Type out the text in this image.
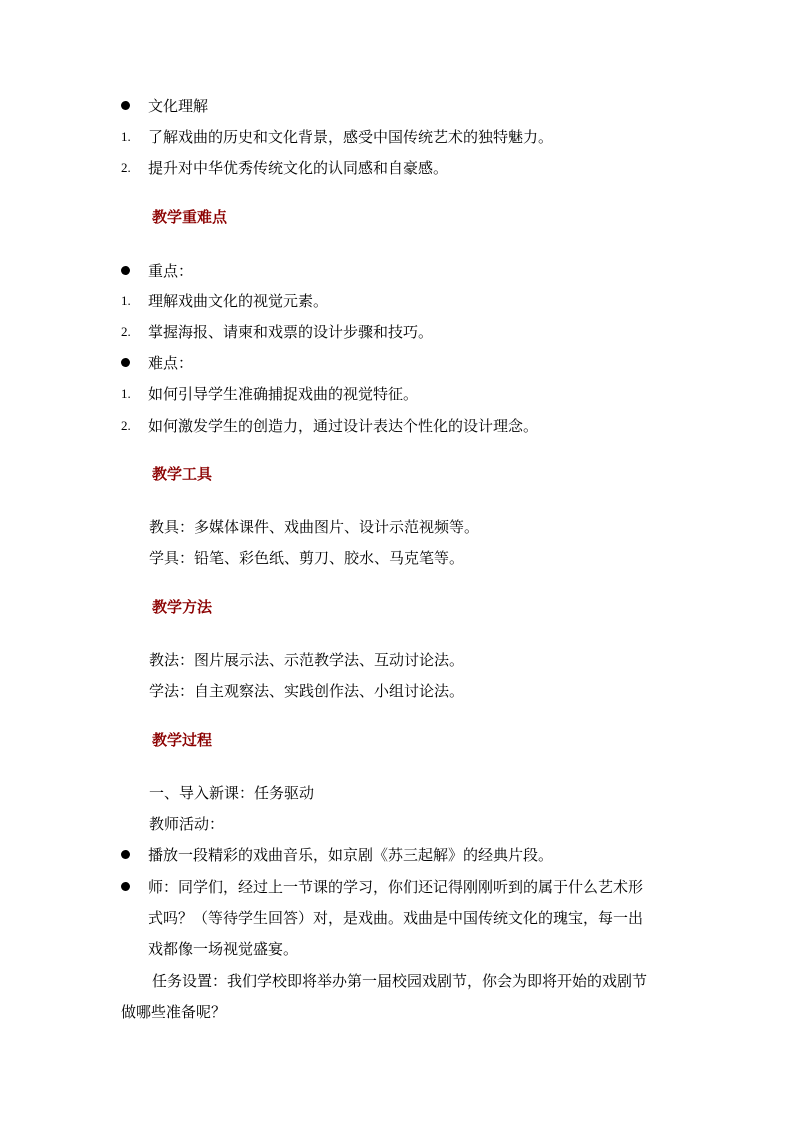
文化理解
1. 了解戏曲的历史和文化背景，感受中国传统艺术的独特魅力。
2. 提升对中华优秀传统文化的认同感和自豪感。
教学重难点
重点：
1. 理解戏曲文化的视觉元素。
2. 掌握海报、请柬和戏票的设计步骤和技巧。
难点：
1. 如何引导学生准确捕捉戏曲的视觉特征。
2. 如何激发学生的创造力，通过设计表达个性化的设计理念。
教学工具
教具：多媒体课件、戏曲图片、设计示范视频等。
学具：铅笔、彩色纸、剪刀、胶水、马克笔等。
教学方法
教法：图片展示法、示范教学法、互动讨论法。
学法：自主观察法、实践创作法、小组讨论法。
教学过程
一、导入新课：任务驱动
教师活动：
播放一段精彩的戏曲音乐，如京剧《苏三起解》的经典片段。
师：同学们，经过上一节课的学习，你们还记得刚刚听到的属于什么艺术形
式吗？（等待学生回答）对，是戏曲。戏曲是中国传统文化的瑰宝，每一出
戏都像一场视觉盛宴。
任务设置：我们学校即将举办第一届校园戏剧节，你会为即将开始的戏剧节
做哪些准备呢？
